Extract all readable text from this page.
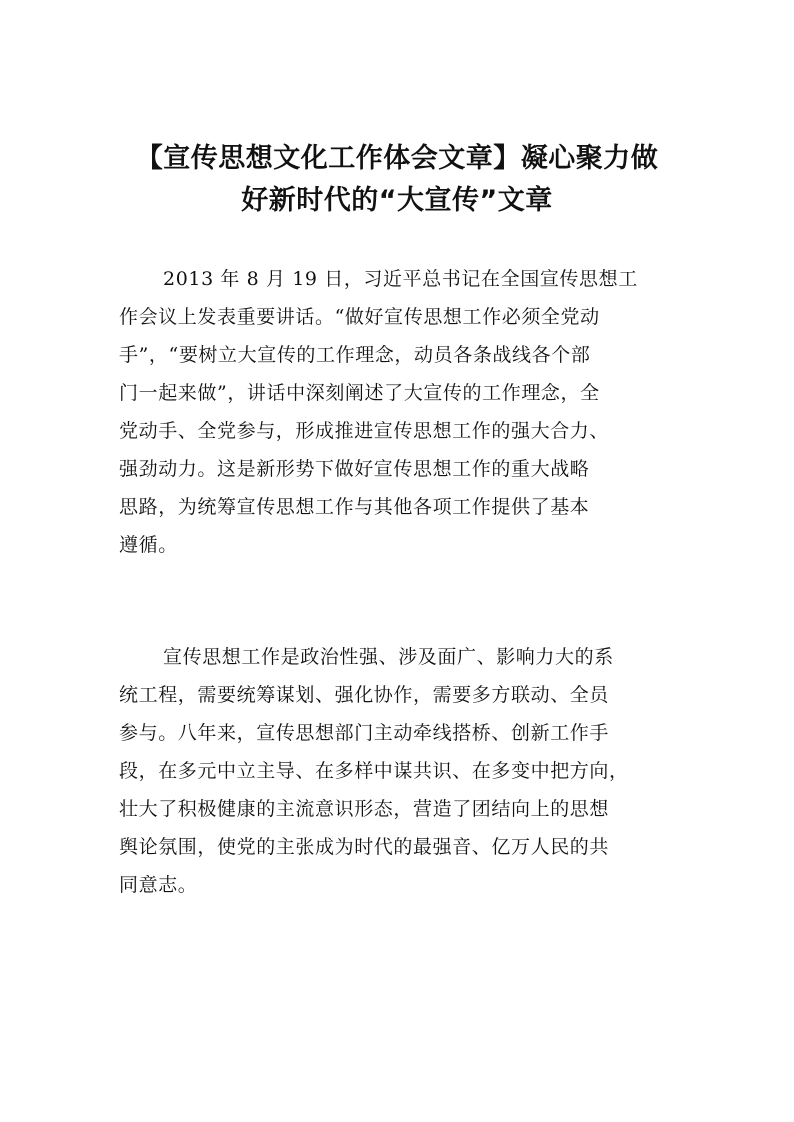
【宣传思想文化工作体会文章】凝心聚力做
好新时代的“大宣传”文章

2013 年 8 月 19 日，习近平总书记在全国宣传思想工
作会议上发表重要讲话。“做好宣传思想工作必须全党动
手”，“要树立大宣传的工作理念，动员各条战线各个部
门一起来做”，讲话中深刻阐述了大宣传的工作理念，全
党动手、全党参与，形成推进宣传思想工作的强大合力、
强劲动力。这是新形势下做好宣传思想工作的重大战略
思路，为统筹宣传思想工作与其他各项工作提供了基本
遵循。

宣传思想工作是政治性强、涉及面广、影响力大的系
统工程，需要统筹谋划、强化协作，需要多方联动、全员
参与。八年来，宣传思想部门主动牵线搭桥、创新工作手
段，在多元中立主导、在多样中谋共识、在多变中把方向，
壮大了积极健康的主流意识形态，营造了团结向上的思想
舆论氛围，使党的主张成为时代的最强音、亿万人民的共
同意志。
